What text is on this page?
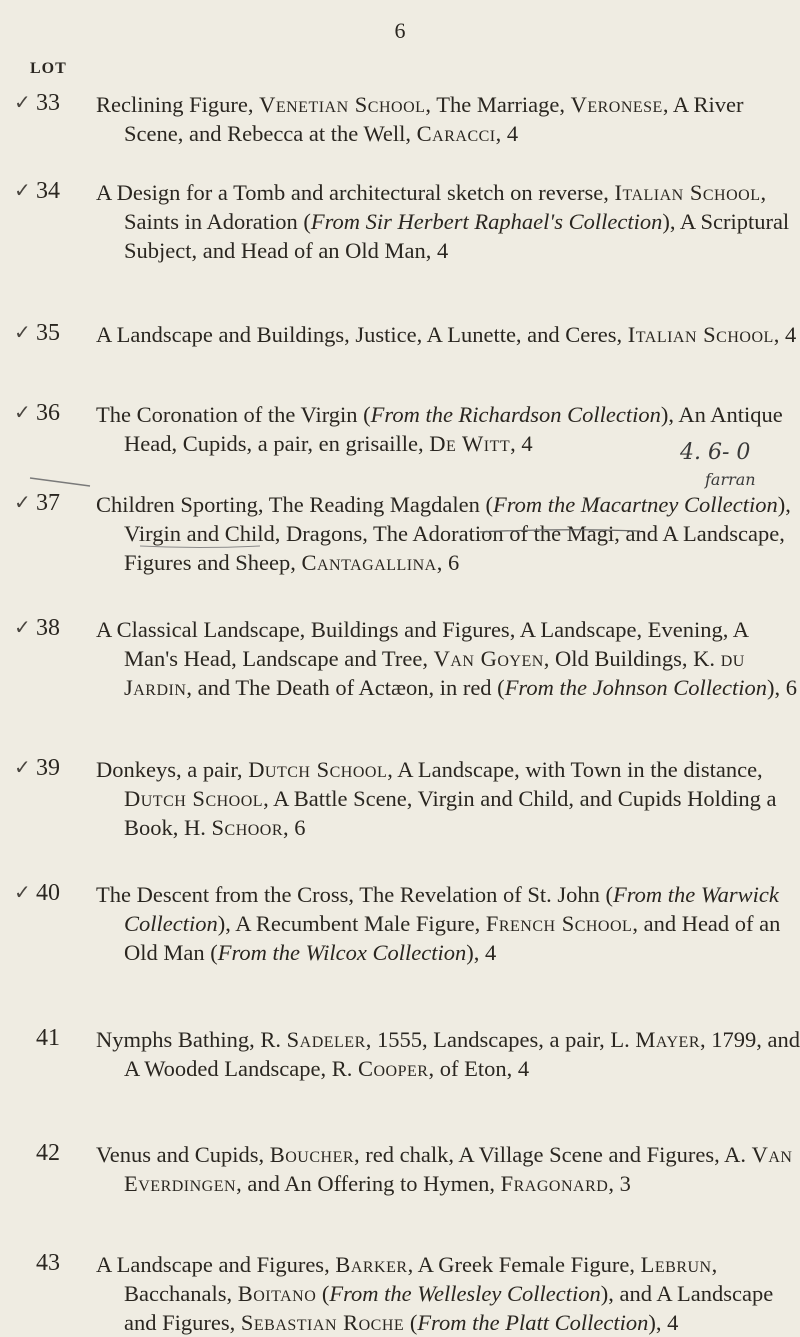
6
LOT
✓ 33	Reclining Figure, Venetian School, The Marriage, Veronese, A River Scene, and Rebecca at the Well, Caracci, 4
✓ 34	A Design for a Tomb and architectural sketch on reverse, Italian School, Saints in Adoration (From Sir Herbert Raphael's Collection), A Scriptural Subject, and Head of an Old Man, 4
✓ 35	A Landscape and Buildings, Justice, A Lunette, and Ceres, Italian School, 4
✓ 36	The Coronation of the Virgin (From the Richardson Collection), An Antique Head, Cupids, a pair, en grisaille, De Witt, 4
✓ 37	Children Sporting, The Reading Magdalen (From the Macartney Collection), Virgin and Child, Dragons, The Adoration of the Magi, and A Landscape, Figures and Sheep, Cantagallina, 6
✓ 38	A Classical Landscape, Buildings and Figures, A Landscape, Evening, A Man's Head, Landscape and Tree, Van Goyen, Old Buildings, K. du Jardin, and The Death of Actæon, in red (From the Johnson Collection), 6
✓ 39	Donkeys, a pair, Dutch School, A Landscape, with Town in the distance, Dutch School, A Battle Scene, Virgin and Child, and Cupids Holding a Book, H. Schoor, 6
✓ 40	The Descent from the Cross, The Revelation of St. John (From the Warwick Collection), A Recumbent Male Figure, French School, and Head of an Old Man (From the Wilcox Collection), 4
41	Nymphs Bathing, R. Sadeler, 1555, Landscapes, a pair, L. Mayer, 1799, and A Wooded Landscape, R. Cooper, of Eton, 4
42	Venus and Cupids, Boucher, red chalk, A Village Scene and Figures, A. Van Everdingen, and An Offering to Hymen, Fragonard, 3
43	A Landscape and Figures, Barker, A Greek Female Figure, Lebrun, Bacchanals, Boitano (From the Wellesley Collection), and A Landscape and Figures, Sebastian Roche (From the Platt Collection), 4
4. 6- 0
farran
